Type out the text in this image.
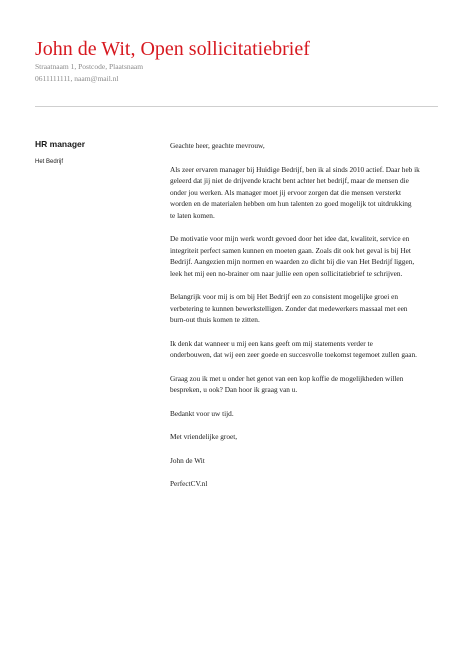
John de Wit, Open sollicitatiebrief
Straatnaam 1, Postcode, Plaatsnaam
0611111111, naam@mail.nl
HR manager
Het Bedrijf

Geachte heer, geachte mevrouw,

Als zeer ervaren manager bij Huidige Bedrijf, ben ik al sinds 2010 actief. Daar heb ik
geleerd dat jij niet de drijvende kracht bent achter het bedrijf, maar de mensen die
onder jou werken. Als manager moet jij ervoor zorgen dat die mensen versterkt
worden en de materialen hebben om hun talenten zo goed mogelijk tot uitdrukking
te laten komen.

De motivatie voor mijn werk wordt gevoed door het idee dat, kwaliteit, service en
integriteit perfect samen kunnen en moeten gaan. Zoals dit ook het geval is bij Het
Bedrijf. Aangezien mijn normen en waarden zo dicht bij die van Het Bedrijf liggen,
leek het mij een no-brainer om naar jullie een open sollicitatiebrief te schrijven.

Belangrijk voor mij is om bij Het Bedrijf een zo consistent mogelijke groei en
verbetering te kunnen bewerkstelligen. Zonder dat medewerkers massaal met een
burn-out thuis komen te zitten.

Ik denk dat wanneer u mij een kans geeft om mij statements verder te
onderbouwen, dat wij een zeer goede en succesvolle toekomst tegemoet zullen gaan.

Graag zou ik met u onder het genot van een kop koffie de mogelijkheden willen
bespreken, u ook? Dan hoor ik graag van u.

Bedankt voor uw tijd.

Met vriendelijke groet,

John de Wit

PerfectCV.nl
